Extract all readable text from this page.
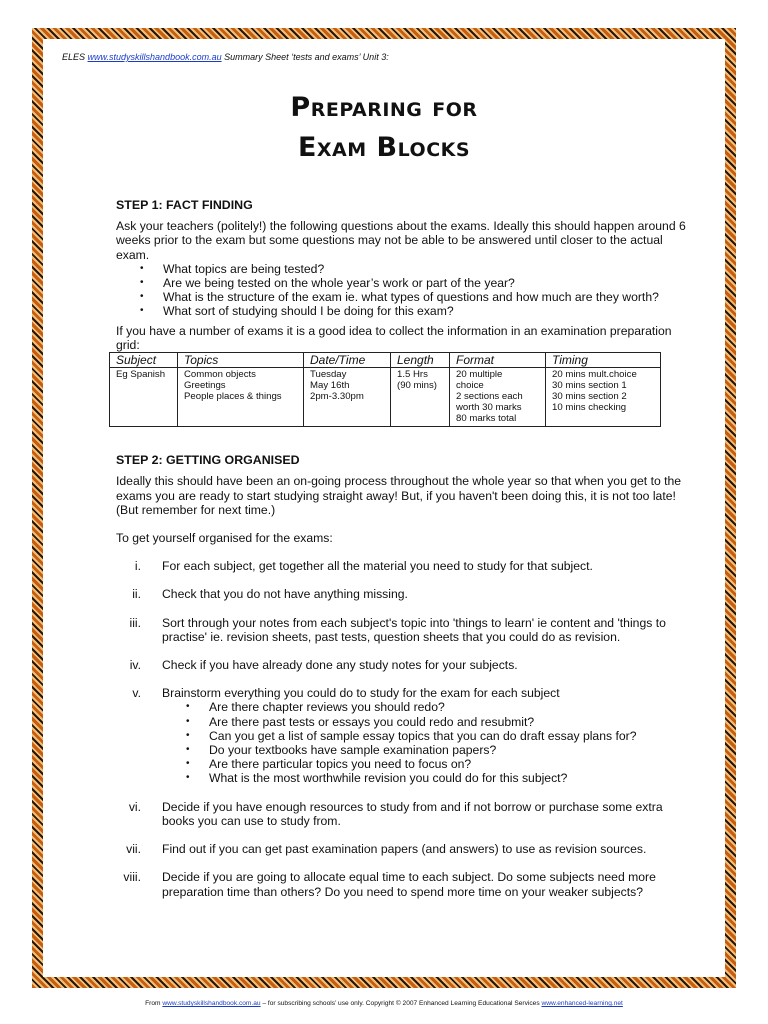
ELES www.studyskillshandbook.com.au Summary Sheet ‘tests and exams’ Unit 3:
Preparing for
Exam Blocks
STEP 1: FACT FINDING

Ask your teachers (politely!) the following questions about the exams. Ideally this should happen around 6 weeks prior to the exam but some questions may not be able to be answered until closer to the actual exam.

• What topics are being tested?
• Are we being tested on the whole year’s work or part of the year?
• What is the structure of the exam ie. what types of questions and how much are they worth?
• What sort of studying should I be doing for this exam?

If you have a number of exams it is a good idea to collect the information in an examination preparation grid:

Subject	Topics	Date/Time	Length	Format	Timing

Eg Spanish	Common objects
Greetings
People places & things	Tuesday
May 16th
2pm-3.30pm	1.5 Hrs
(90 mins)	20 multiple
choice
2 sections each
worth 30 marks
80 marks total	20 mins mult.choice
30 mins section 1
30 mins section 2
10 mins checking
STEP 2: GETTING ORGANISED

Ideally this should have been an on-going process throughout the whole year so that when you get to the exams you are ready to start studying straight away! But, if you haven't been doing this, it is not too late! (But remember for next time.)

To get yourself organised for the exams:

i. For each subject, get together all the material you need to study for that subject.
ii. Check that you do not have anything missing.
iii. Sort through your notes from each subject's topic into 'things to learn' ie content and 'things to practise' ie. revision sheets, past tests, question sheets that you could do as revision.
iv. Check if you have already done any study notes for your subjects.
v. Brainstorm everything you could do to study for the exam for each subject
• Are there chapter reviews you should redo?
• Are there past tests or essays you could redo and resubmit?
• Can you get a list of sample essay topics that you can do draft essay plans for?
• Do your textbooks have sample examination papers?
• Are there particular topics you need to focus on?
• What is the most worthwhile revision you could do for this subject?
vi. Decide if you have enough resources to study from and if not borrow or purchase some extra books you can use to study from.
vii. Find out if you can get past examination papers (and answers) to use as revision sources.
viii. Decide if you are going to allocate equal time to each subject. Do some subjects need more preparation time than others? Do you need to spend more time on your weaker subjects?
From www.studyskillshandbook.com.au – for subscribing schools’ use only. Copyright © 2007 Enhanced Learning Educational Services www.enhanced-learning.net
